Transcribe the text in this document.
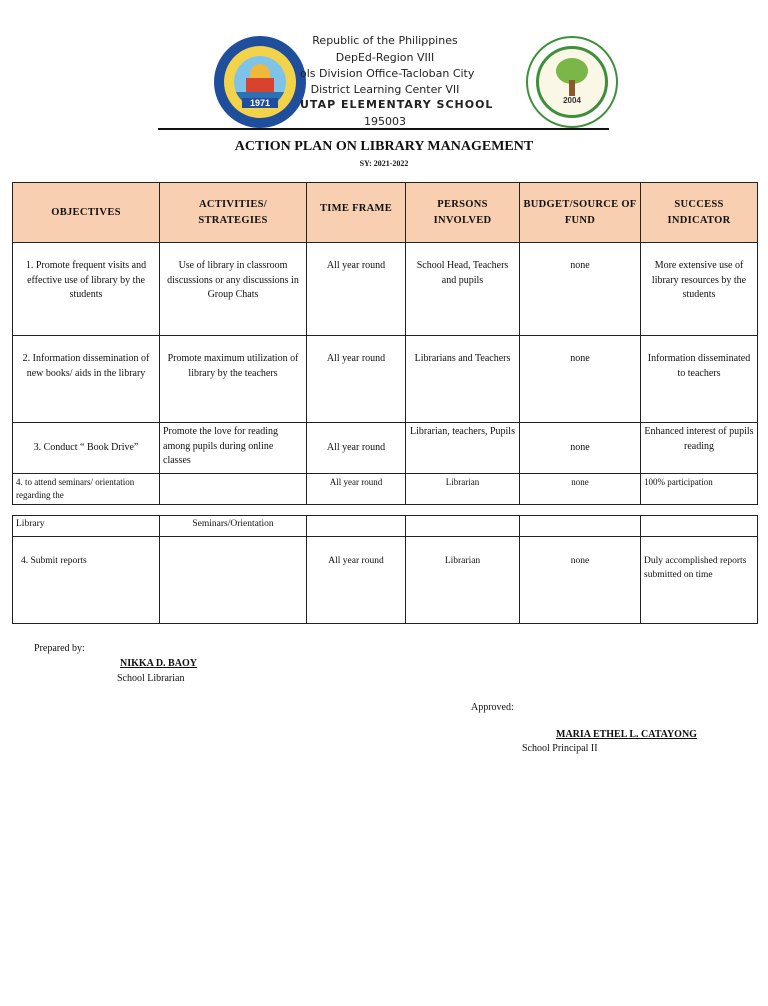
1971	2004
Republic of the Philippines
DepEd-Region VIII
ols Division Office-Tacloban City
District Learning Center VII
UTAP ELEMENTARY SCHOOL
195003
ACTION PLAN ON LIBRARY MANAGEMENT
SY: 2021-2022
OBJECTIVES	ACTIVITIES/ STRATEGIES	TIME FRAME	PERSONS INVOLVED	BUDGET/SOURCE OF FUND	SUCCESS INDICATOR
1. Promote frequent visits and effective use of library by the students	Use of library in classroom discussions or any discussions in Group Chats	All year round	School Head, Teachers and pupils	none	More extensive use of library resources by the students
2. Information dissemination of new books/ aids in the library	Promote maximum utilization of library by the teachers	All year round	Librarians and Teachers	none	Information disseminated to teachers
3. Conduct “ Book Drive”	Promote the love for reading among pupils during online classes	All year round	Librarian, teachers, Pupils	none	Enhanced interest of pupils reading
4. to attend seminars/ orientation regarding the		All year round	Librarian	none	100% participation
Library	Seminars/Orientation				
4. Submit reports		All year round	Librarian	none	Duly accomplished reports submitted on time
Prepared by:
NIKKA D. BAOY
School Librarian
Approved:
MARIA ETHEL L. CATAYONG
School Principal II
